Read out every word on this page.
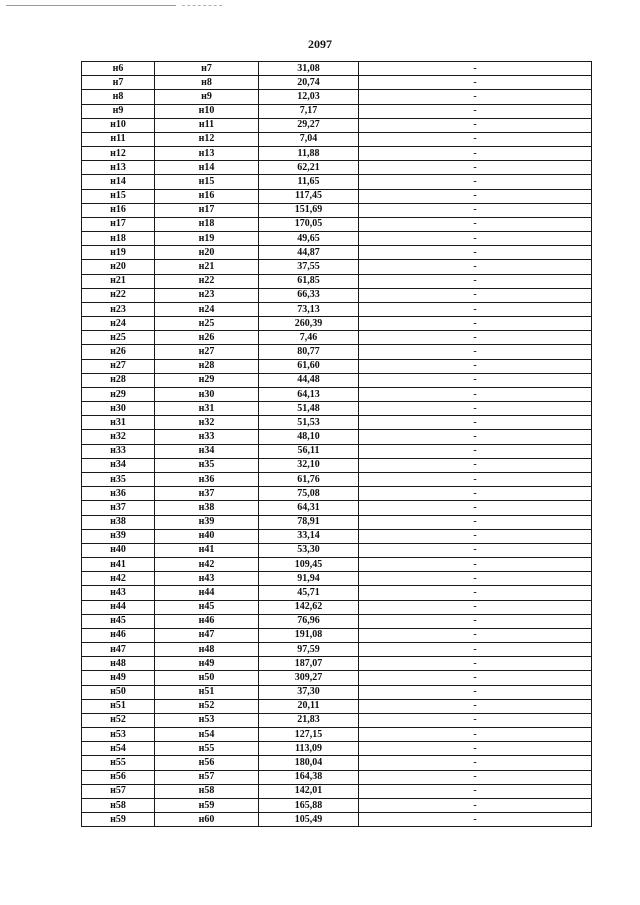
2097
н6	н7	31,08	-
н7	н8	20,74	-
н8	н9	12,03	-
н9	н10	7,17	-
н10	н11	29,27	-
н11	н12	7,04	-
н12	н13	11,88	-
н13	н14	62,21	-
н14	н15	11,65	-
н15	н16	117,45	-
н16	н17	151,69	-
н17	н18	170,05	-
н18	н19	49,65	-
н19	н20	44,87	-
н20	н21	37,55	-
н21	н22	61,85	-
н22	н23	66,33	-
н23	н24	73,13	-
н24	н25	260,39	-
н25	н26	7,46	-
н26	н27	80,77	-
н27	н28	61,60	-
н28	н29	44,48	-
н29	н30	64,13	-
н30	н31	51,48	-
н31	н32	51,53	-
н32	н33	48,10	-
н33	н34	56,11	-
н34	н35	32,10	-
н35	н36	61,76	-
н36	н37	75,08	-
н37	н38	64,31	-
н38	н39	78,91	-
н39	н40	33,14	-
н40	н41	53,30	-
н41	н42	109,45	-
н42	н43	91,94	-
н43	н44	45,71	-
н44	н45	142,62	-
н45	н46	76,96	-
н46	н47	191,08	-
н47	н48	97,59	-
н48	н49	187,07	-
н49	н50	309,27	-
н50	н51	37,30	-
н51	н52	20,11	-
н52	н53	21,83	-
н53	н54	127,15	-
н54	н55	113,09	-
н55	н56	180,04	-
н56	н57	164,38	-
н57	н58	142,01	-
н58	н59	165,88	-
н59	н60	105,49	-
